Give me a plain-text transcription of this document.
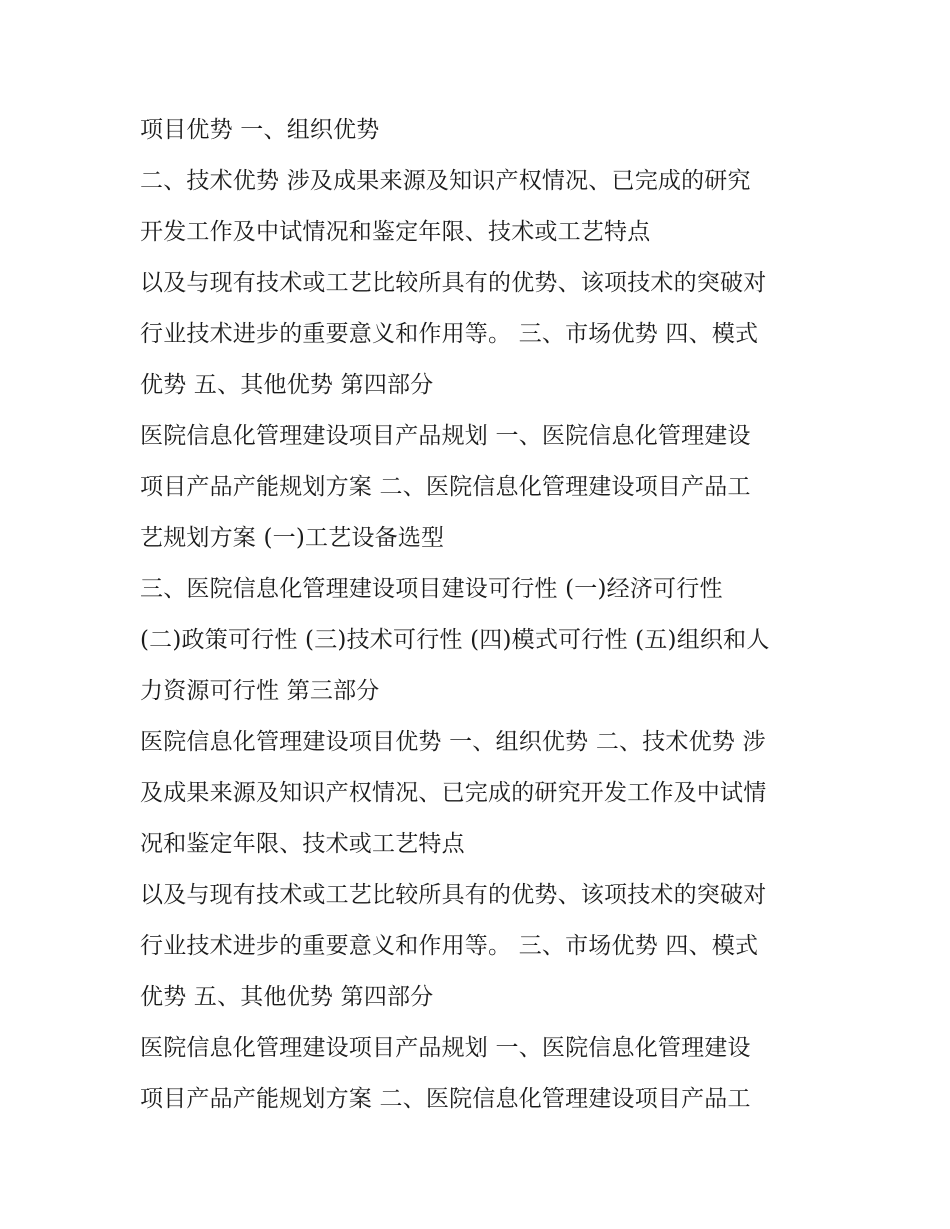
项目优势 一、组织优势
二、技术优势 涉及成果来源及知识产权情况、已完成的研究
开发工作及中试情况和鉴定年限、技术或工艺特点
以及与现有技术或工艺比较所具有的优势、该项技术的突破对
行业技术进步的重要意义和作用等。 三、市场优势 四、模式
优势 五、其他优势 第四部分
医院信息化管理建设项目产品规划 一、医院信息化管理建设
项目产品产能规划方案 二、医院信息化管理建设项目产品工
艺规划方案 (一)工艺设备选型
三、医院信息化管理建设项目建设可行性 (一)经济可行性
(二)政策可行性 (三)技术可行性 (四)模式可行性 (五)组织和人
力资源可行性 第三部分
医院信息化管理建设项目优势 一、组织优势 二、技术优势 涉
及成果来源及知识产权情况、已完成的研究开发工作及中试情
况和鉴定年限、技术或工艺特点
以及与现有技术或工艺比较所具有的优势、该项技术的突破对
行业技术进步的重要意义和作用等。 三、市场优势 四、模式
优势 五、其他优势 第四部分
医院信息化管理建设项目产品规划 一、医院信息化管理建设
项目产品产能规划方案 二、医院信息化管理建设项目产品工
